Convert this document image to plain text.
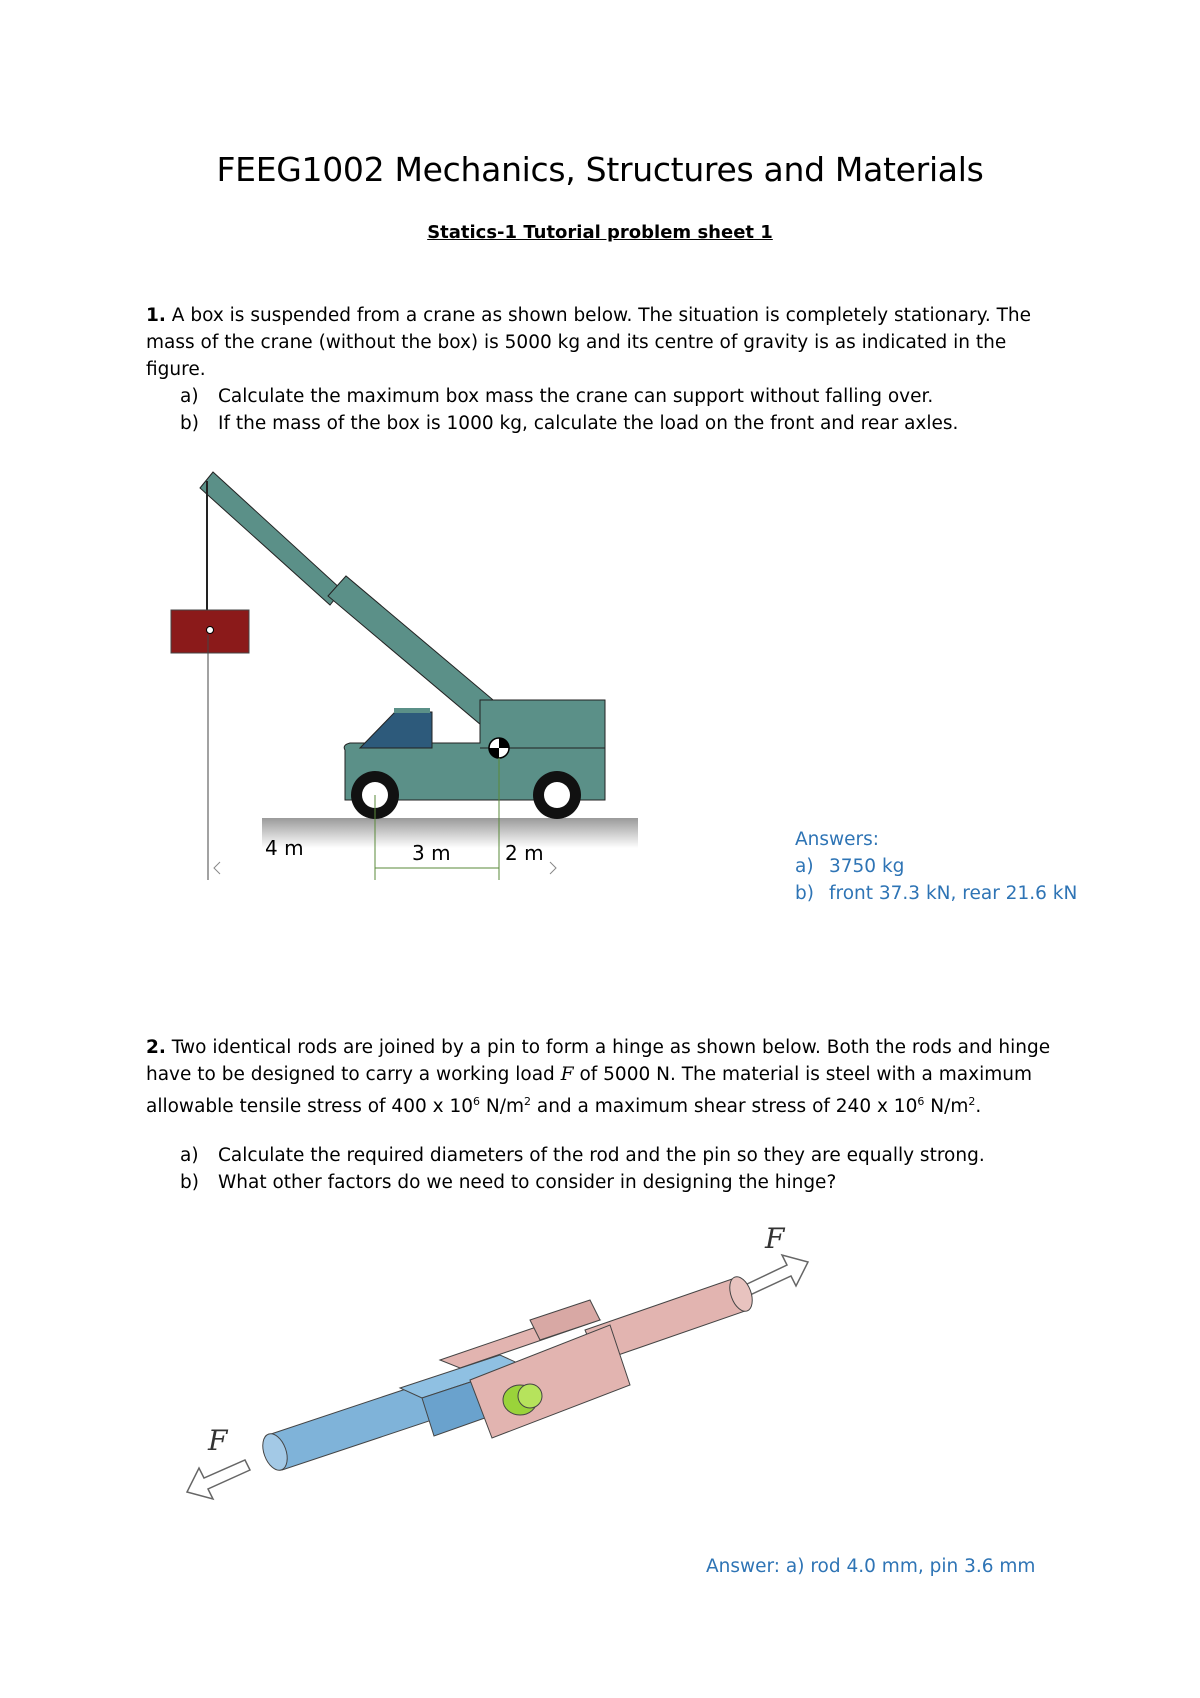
FEEG1002 Mechanics, Structures and Materials
Statics-1 Tutorial problem sheet 1
1. A box is suspended from a crane as shown below. The situation is completely stationary. The mass of the crane (without the box) is 5000 kg and its centre of gravity is as indicated in the figure.
a)	Calculate the maximum box mass the crane can support without falling over.
b)	If the mass of the box is 1000 kg, calculate the load on the front and rear axles.
4 m	3 m	2 m
Answers:
a) 3750 kg
b) front 37.3 kN, rear 21.6 kN
2. Two identical rods are joined by a pin to form a hinge as shown below. Both the rods and hinge have to be designed to carry a working load F of 5000 N. The material is steel with a maximum allowable tensile stress of 400 x $10^6$ $N/m^2$ and a maximum shear stress of 240 x $10^6$ $N/m^2$.
a)	Calculate the required diameters of the rod and the pin so they are equally strong.
b)	What other factors do we need to consider in designing the hinge?
F
F
Answer: a) rod 4.0 mm, pin 3.6 mm
